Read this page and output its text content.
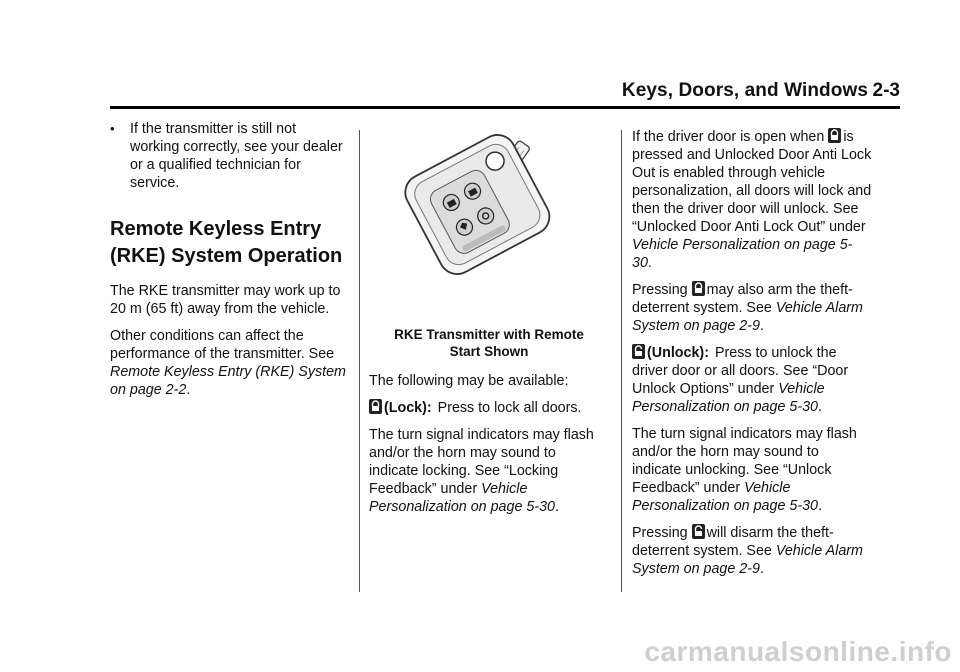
Keys, Doors, and Windows 2-3
•	If the transmitter is still not working correctly, see your dealer or a qualified technician for service.
Remote Keyless Entry
(RKE) System Operation

The RKE transmitter may work up to 20 m (65 ft) away from the vehicle.

Other conditions can affect the performance of the transmitter. See Remote Keyless Entry (RKE) System on page 2-2.

RKE Transmitter with Remote
Start Shown

The following may be available:

(Lock): Press to lock all doors.

The turn signal indicators may flash and/or the horn may sound to indicate locking. See “Locking Feedback” under Vehicle Personalization on page 5-30.

If the driver door is open when is pressed and Unlocked Door Anti Lock Out is enabled through vehicle personalization, all doors will lock and then the driver door will unlock. See “Unlocked Door Anti Lock Out” under Vehicle Personalization on page 5-30.

Pressing may also arm the theft-deterrent system. See Vehicle Alarm System on page 2-9.

(Unlock): Press to unlock the driver door or all doors. See “Door Unlock Options” under Vehicle Personalization on page 5-30.

The turn signal indicators may flash and/or the horn may sound to indicate unlocking. See “Unlock Feedback” under Vehicle Personalization on page 5-30.

Pressing will disarm the theft-deterrent system. See Vehicle Alarm System on page 2-9.

carmanualsonline.info
